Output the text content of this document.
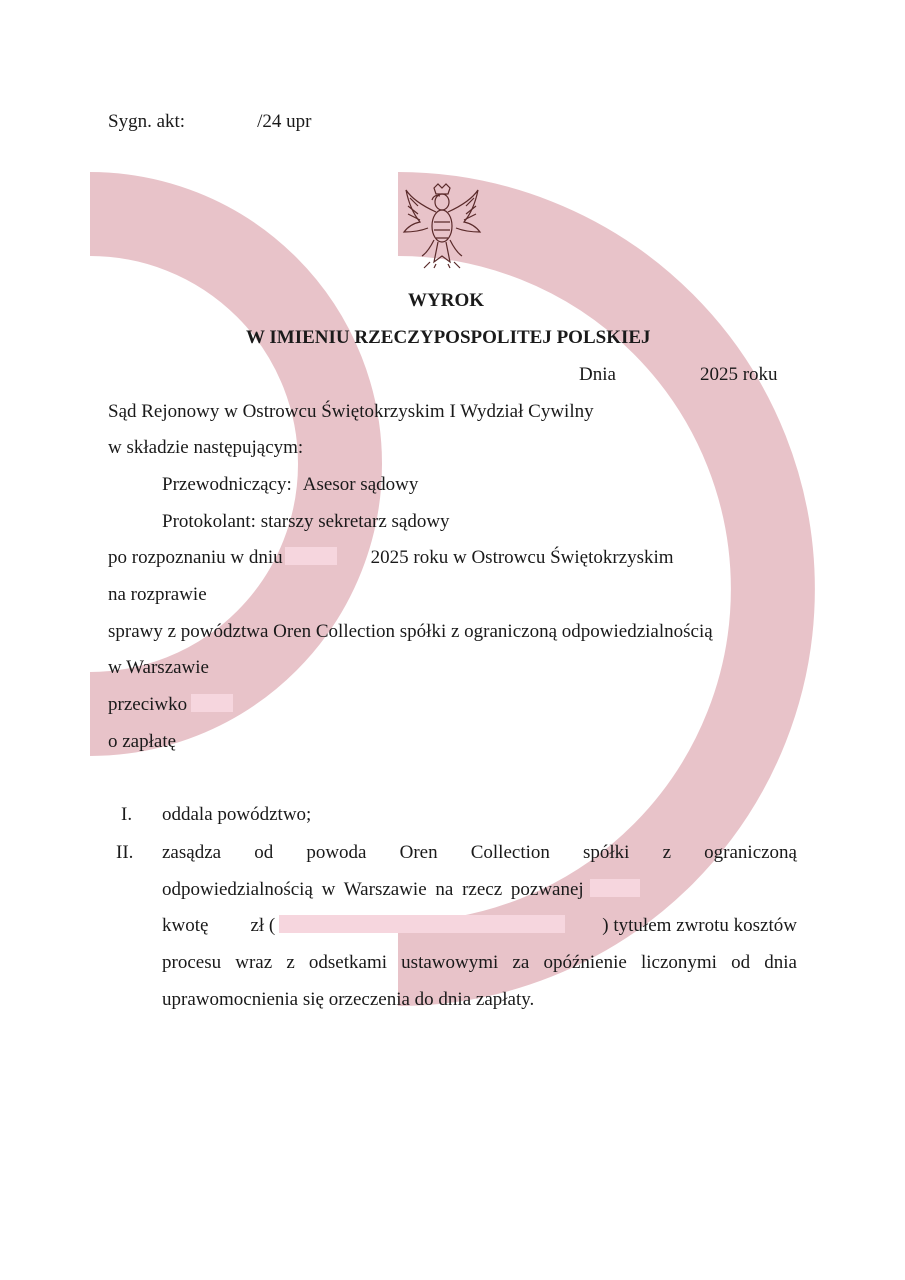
Sygn. akt:	/24 upr
WYROK
W IMIENIU RZECZYPOSPOLITEJ POLSKIEJ
Dnia	2025 roku
Sąd Rejonowy w Ostrowcu Świętokrzyskim I Wydział Cywilny
w składzie następującym:
Przewodniczący: Asesor sądowy
Protokolant: starszy sekretarz sądowy
po rozpoznaniu w dniu	2025 roku w Ostrowcu Świętokrzyskim
na rozprawie
sprawy z powództwa Oren Collection spółki z ograniczoną odpowiedzialnością
w Warszawie
przeciwko
o zapłatę
I. oddala powództwo;
II. zasądza od powoda Oren Collection spółki z ograniczoną
odpowiedzialnością w Warszawie na rzecz pozwanej
kwotę zł (	) tytułem zwrotu kosztów
procesu wraz z odsetkami ustawowymi za opóźnienie liczonymi od dnia
uprawomocnienia się orzeczenia do dnia zapłaty.
